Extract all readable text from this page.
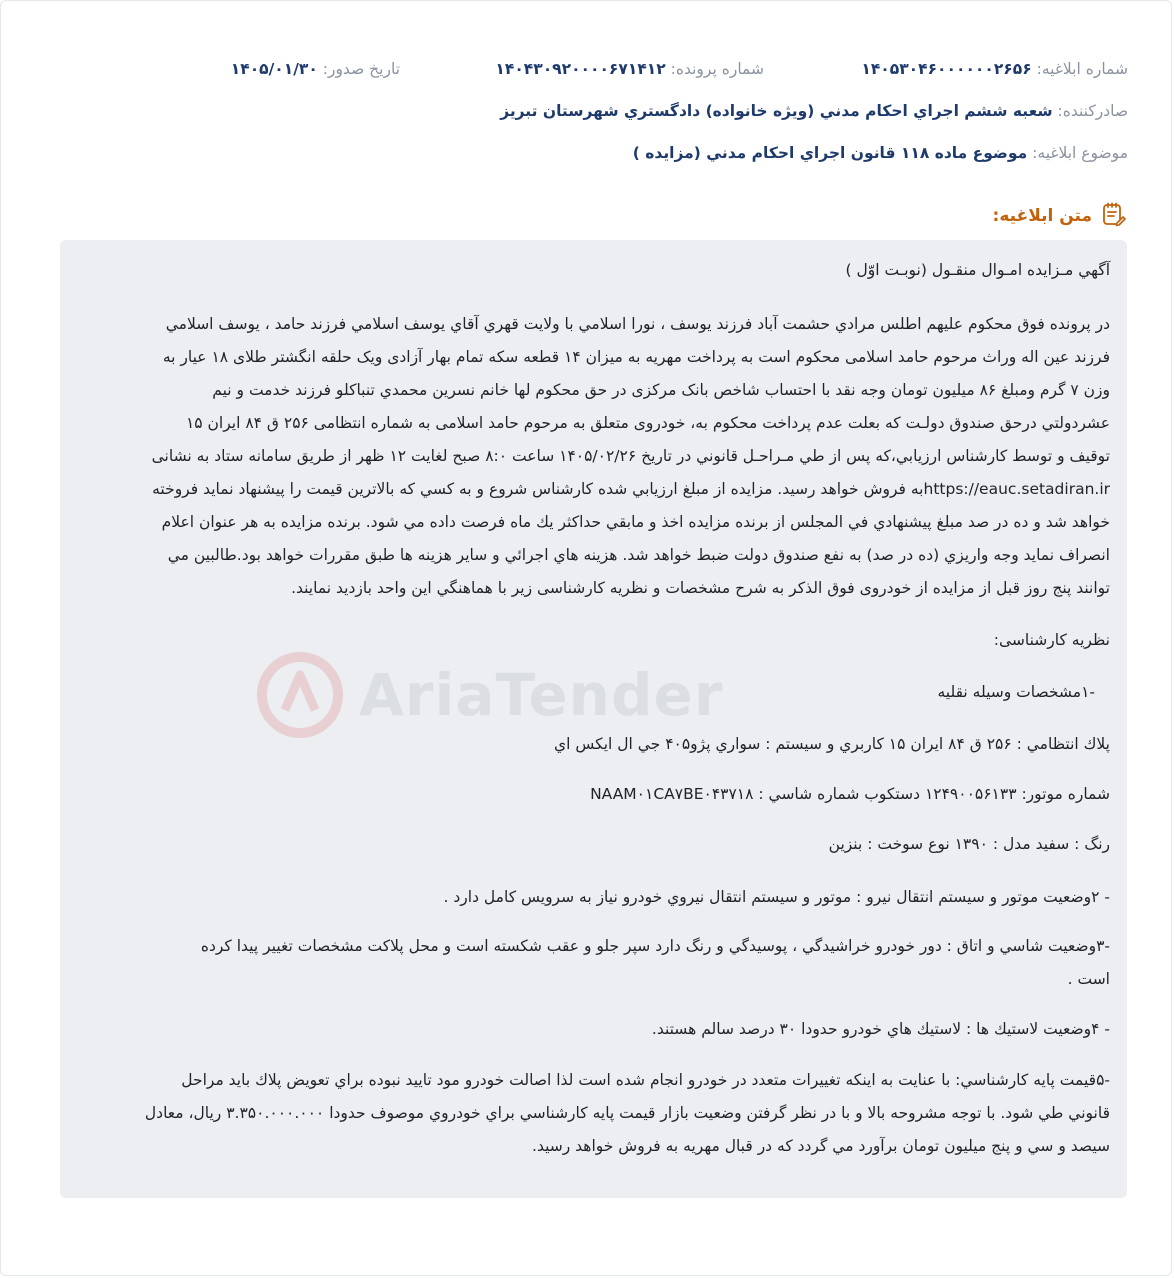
شماره ابلاغیه: ۱۴۰۵۳۰۴۶۰۰۰۰۰۰۲۶۵۶
شماره پرونده: ۱۴۰۴۳۰۹۲۰۰۰۰۶۷۱۴۱۲
تاریخ صدور: ۱۴۰۵/۰۱/۳۰
صادرکننده: شعبه ششم اجراي احكام مدني (ويژه خانواده) دادگستري شهرستان تبريز
موضوع ابلاغیه: موضوع ماده ۱۱۸ قانون اجراي احكام مدني (مزايده )
متن ابلاغیه:
AriaTender
آگهي مـزايده امـوال منقـول (نوبـت اوّل )
در پرونده فوق محكوم عليهم اطلس مرادي حشمت آباد فرزند يوسف ، نورا اسلامي با ولايت قهري آقاي يوسف اسلامي فرزند حامد ، يوسف اسلامي
فرزند عين اله وراث مرحوم حامد اسلامی محكوم است به پرداخت مهريه به ميزان ۱۴ قطعه سكه تمام بهار آزادی ويک حلقه انگشتر طلای ۱۸ عيار به
وزن ۷ گرم ومبلغ ۸۶ میلیون تومان وجه نقد با احتساب شاخص بانک مرکزی در حق محكوم لها خانم نسرين محمدي تنباكلو فرزند خدمت و نيم
عشردولتي درحق صندوق دولـت كه بعلت عدم پرداخت محکوم به، خودروی متعلق به مرحوم حامد اسلامی به شماره انتظامی ۲۵۶ ق ۸۴ ایران ۱۵
توقيف و توسط كارشناس ارزيابي،كه پس از طي مـراحـل قانوني در تاريخ ۱۴۰۵/۰۲/۲۶ ساعت ۸:۰ صبح لغايت ۱۲ ظهر از طريق سامانه ستاد به نشانی
https://eauc.setadiran.irبه فروش خواهد رسيد. مزايده از مبلغ ارزيابي شده كارشناس شروع و به كسي كه بالاترين قيمت را پيشنهاد نمايد فروخته
خواهد شد و ده در صد مبلغ پيشنهادي في المجلس از برنده مزايده اخذ و مابقي حداكثر يك ماه فرصت داده مي شود. برنده مزايده به هر عنوان اعلام
انصراف نمايد وجه واريزي (ده در صد) به نفع صندوق دولت ضبط خواهد شد. هزينه هاي اجرائي و ساير هزينه ها طبق مقررات خواهد بود.طالبين مي
توانند پنج روز قبل از مزايده از خودروی فوق الذكر به شرح مشخصات و نظريه كارشناسی زير با هماهنگي اين واحد بازديد نمايند.
نظريه كارشناسی:
-۱مشخصات وسيله نقليه
پلاك انتظامي : ۲۵۶ ق ۸۴ ايران ۱۵ كاربري و سيستم : سواري پژو۴۰۵ جي ال ايكس اي
شماره موتور: ۱۲۴۹۰۰۵۶۱۳۳ دستكوب شماره شاسي : NAAM۰۱CA۷BE۰۴۳۷۱۸
رنگ : سفيد مدل : ۱۳۹۰ نوع سوخت : بنزين
- ۲وضعيت موتور و سيستم انتقال نيرو : موتور و سيستم انتقال نيروي خودرو نياز به سرويس كامل دارد .
-۳وضعيت شاسي و اتاق : دور خودرو خراشيدگي ، پوسيدگي و رنگ دارد سپر جلو و عقب شكسته است و محل پلاكت مشخصات تغيير پيدا كرده
است .
- ۴وضعيت لاستيك ها : لاستيك هاي خودرو حدودا ۳۰ درصد سالم هستند.
-۵قيمت پايه كارشناسي: با عنايت به اينكه تغييرات متعدد در خودرو انجام شده است لذا اصالت خودرو مود تاييد نبوده براي تعويض پلاك بايد مراحل
قانوني طي شود. با توجه مشروحه بالا و با در نظر گرفتن وضعيت بازار قيمت پايه كارشناسي براي خودروي موصوف حدودا ۳.۳۵۰.۰۰۰.۰۰۰ ريال، معادل
سيصد و سي و پنج ميليون تومان برآورد مي گردد كه در قبال مهريه به فروش خواهد رسيد.
